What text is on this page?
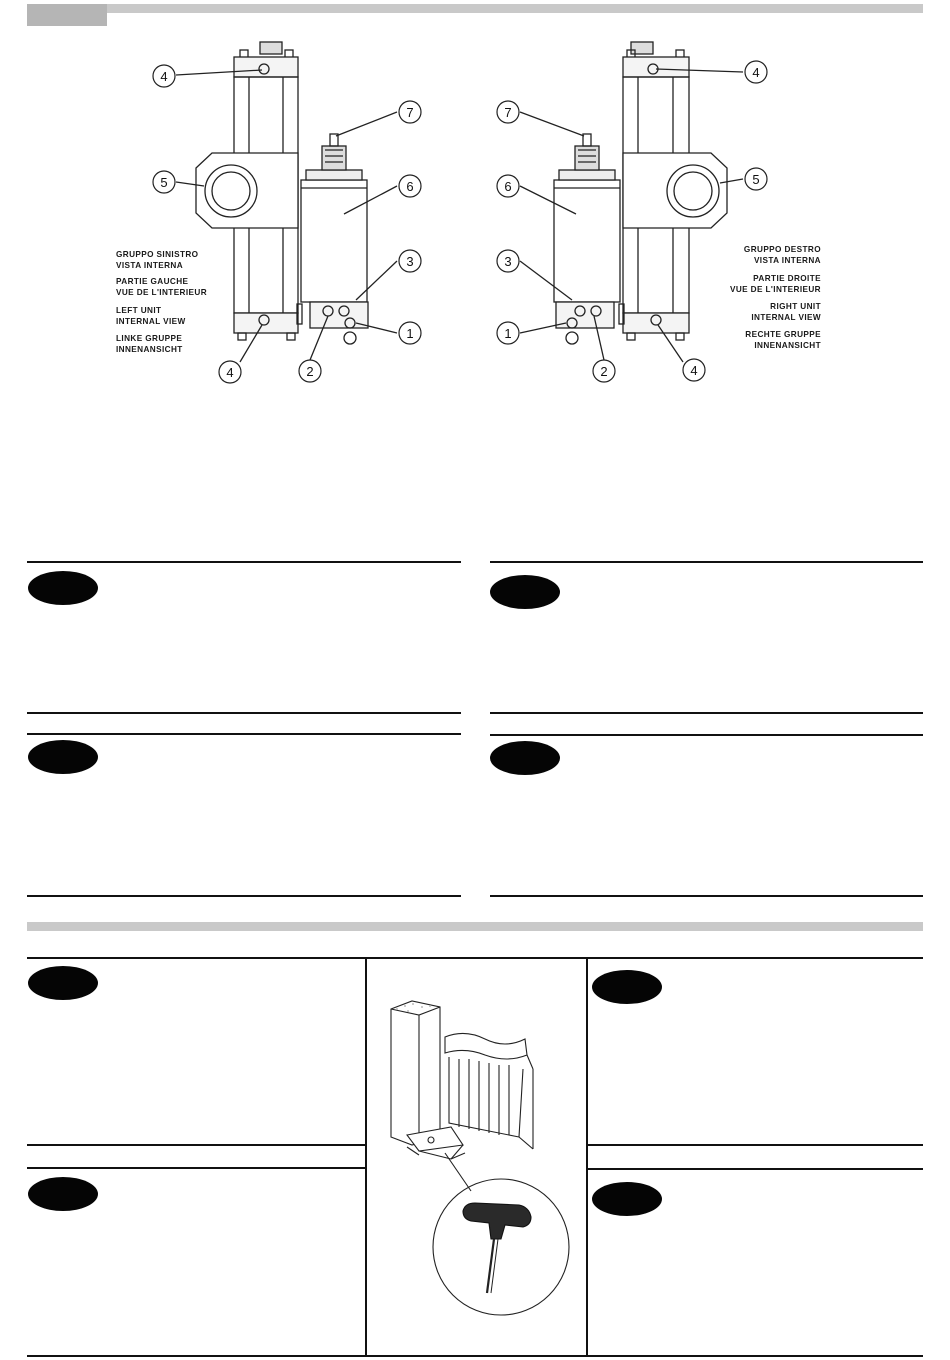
4
5
7
6
3
1
2
4
4
5
7
6
3
1
2	4
GRUPPO SINISTRO
VISTA INTERNA
PARTIE GAUCHE
VUE DE L'INTERIEUR
LEFT UNIT
INTERNAL VIEW
LINKE GRUPPE
INNENANSICHT
GRUPPO DESTRO
VISTA INTERNA
PARTIE DROITE
VUE DE L'INTERIEUR
RIGHT UNIT
INTERNAL VIEW
RECHTE GRUPPE
INNENANSICHT
